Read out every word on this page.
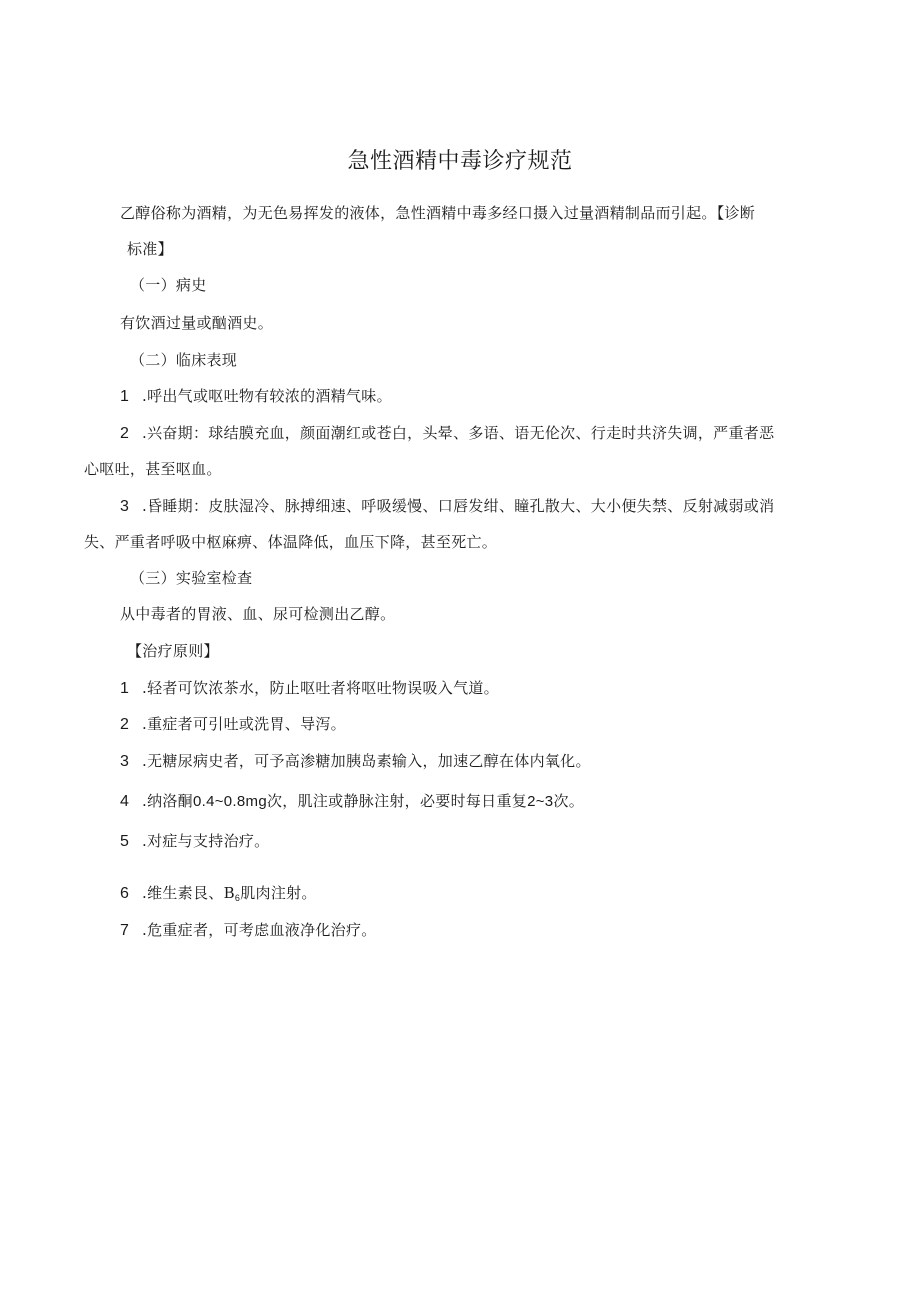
急性酒精中毒诊疗规范
乙醇俗称为酒精，为无色易挥发的液体，急性酒精中毒多经口摄入过量酒精制品而引起。【诊断
标准】
（一）病史
有饮酒过量或酗酒史。
（二）临床表现
1 .呼出气或呕吐物有较浓的酒精气味。
2 .兴奋期：球结膜充血，颜面潮红或苍白，头晕、多语、语无伦次、行走时共济失调，严重者恶
心呕吐，甚至呕血。
3 .昏睡期：皮肤湿冷、脉搏细速、呼吸缓慢、口唇发绀、瞳孔散大、大小便失禁、反射减弱或消
失、严重者呼吸中枢麻痹、体温降低，血压下降，甚至死亡。
（三）实验室检查
从中毒者的胃液、血、尿可检测出乙醇。
【治疗原则】
1 .轻者可饮浓茶水，防止呕吐者将呕吐物误吸入气道。
2 .重症者可引吐或洗胃、导泻。
3 .无糖尿病史者，可予高渗糖加胰岛素输入，加速乙醇在体内氧化。
4 .纳洛酮0.4~0.8mg次，肌注或静脉注射，必要时每日重复2~3次。
5 .对症与支持治疗。
6 .维生素艮、$B_6$肌肉注射。
7 .危重症者，可考虑血液净化治疗。
